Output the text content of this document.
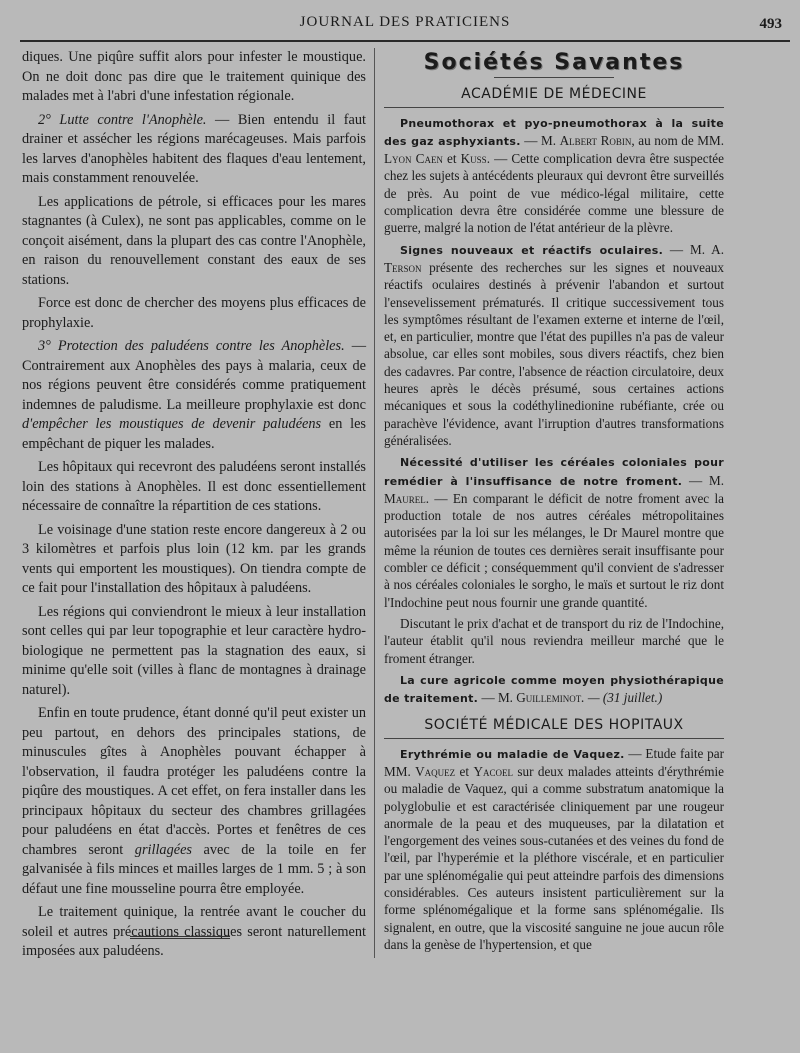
JOURNAL DES PRATICIENS	493

diques. Une piqûre suffit alors pour infester le moustique. On ne doit donc pas dire que le traitement quinique des malades met à l'abri d'une infestation régionale.

2° Lutte contre l'Anophèle. — Bien entendu il faut drainer et assécher les régions marécageuses. Mais parfois les larves d'anophèles habitent des flaques d'eau lentement, mais constamment renouvelée.

Les applications de pétrole, si efficaces pour les mares stagnantes (à Culex), ne sont pas applicables, comme on le conçoit aisément, dans la plupart des cas contre l'Anophèle, en raison du renouvellement constant des eaux de ses stations.

Force est donc de chercher des moyens plus efficaces de prophylaxie.

3° Protection des paludéens contre les Anophèles. — Contrairement aux Anophèles des pays à malaria, ceux de nos régions peuvent être considérés comme pratiquement indemnes de paludisme. La meilleure prophylaxie est donc d'empêcher les moustiques de devenir paludéens en les empêchant de piquer les malades.

Les hôpitaux qui recevront des paludéens seront installés loin des stations à Anophèles. Il est donc essentiellement nécessaire de connaître la répartition de ces stations.

Le voisinage d'une station reste encore dangereux à 2 ou 3 kilomètres et parfois plus loin (12 km. par les grands vents qui emportent les moustiques). On tiendra compte de ce fait pour l'installation des hôpitaux à paludéens.

Les régions qui conviendront le mieux à leur installation sont celles qui par leur topographie et leur caractère hydro-biologique ne permettent pas la stagnation des eaux, si minime qu'elle soit (villes à flanc de montagnes à drainage naturel).

Enfin en toute prudence, étant donné qu'il peut exister un peu partout, en dehors des principales stations, de minuscules gîtes à Anophèles pouvant échapper à l'observation, il faudra protéger les paludéens contre la piqûre des moustiques. A cet effet, on fera installer dans les principaux hôpitaux du secteur des chambres grillagées pour paludéens en état d'accès. Portes et fenêtres de ces chambres seront grillagées avec de la toile en fer galvanisée à fils minces et mailles larges de 1 mm. 5 ; à son défaut une fine mousseline pourra être employée.

Le traitement quinique, la rentrée avant le coucher du soleil et autres précautions classiques seront naturellement imposées aux paludéens.

Sociétés Savantes
ACADÉMIE DE MÉDECINE

Pneumothorax et pyo-pneumothorax à la suite des gaz asphyxiants. — M. Albert Robin, au nom de MM. Lyon Caen et Kuss. — Cette complication devra être suspectée chez les sujets à antécédents pleuraux qui devront être surveillés de près. Au point de vue médico-légal militaire, cette complication devra être considérée comme une blessure de guerre, malgré la notion de l'état antérieur de la plèvre.

Signes nouveaux et réactifs oculaires. — M. A. Terson présente des recherches sur les signes et nouveaux réactifs oculaires destinés à prévenir l'abandon et surtout l'ensevelissement prématurés. Il critique successivement tous les symptômes résultant de l'examen externe et interne de l'œil, et, en particulier, montre que l'état des pupilles n'a pas de valeur absolue, car elles sont mobiles, sous divers réactifs, chez bien des cadavres. Par contre, l'absence de réaction circulatoire, deux heures après le décès présumé, sous certaines actions mécaniques et sous la codéthylinedionine rubéfiante, crée ou parachève l'évidence, avant l'irruption d'autres transformations généralisées.

Nécessité d'utiliser les céréales coloniales pour remédier à l'insuffisance de notre froment. — M. Maurel. — En comparant le déficit de notre froment avec la production totale de nos autres céréales métropolitaines autorisées par la loi sur les mélanges, le Dr Maurel montre que même la réunion de toutes ces dernières serait insuffisante pour combler ce déficit ; conséquemment qu'il convient de s'adresser à nos céréales coloniales le sorgho, le maïs et surtout le riz dont l'Indochine peut nous fournir une grande quantité.

Discutant le prix d'achat et de transport du riz de l'Indochine, l'auteur établit qu'il nous reviendra meilleur marché que le froment étranger.

La cure agricole comme moyen physiothérapique de traitement. — M. Guilleminot. — (31 juillet.)

SOCIÉTÉ MÉDICALE DES HOPITAUX

Erythrémie ou maladie de Vaquez. — Etude faite par MM. Vaquez et Yacoel sur deux malades atteints d'érythrémie ou maladie de Vaquez, qui a comme substratum anatomique la polyglobulie et est caractérisée cliniquement par une rougeur anormale de la peau et des muqueuses, par la dilatation et l'engorgement des veines sous-cutanées et des veines du fond de l'œil, par l'hyperémie et la pléthore viscérale, et en particulier par une splénomégalie qui peut atteindre parfois des dimensions considérables. Ces auteurs insistent particulièrement sur la forme splénomégalique et la forme sans splénomégalie. Ils signalent, en outre, que la viscosité sanguine ne joue aucun rôle dans la genèse de l'hypertension, et que
